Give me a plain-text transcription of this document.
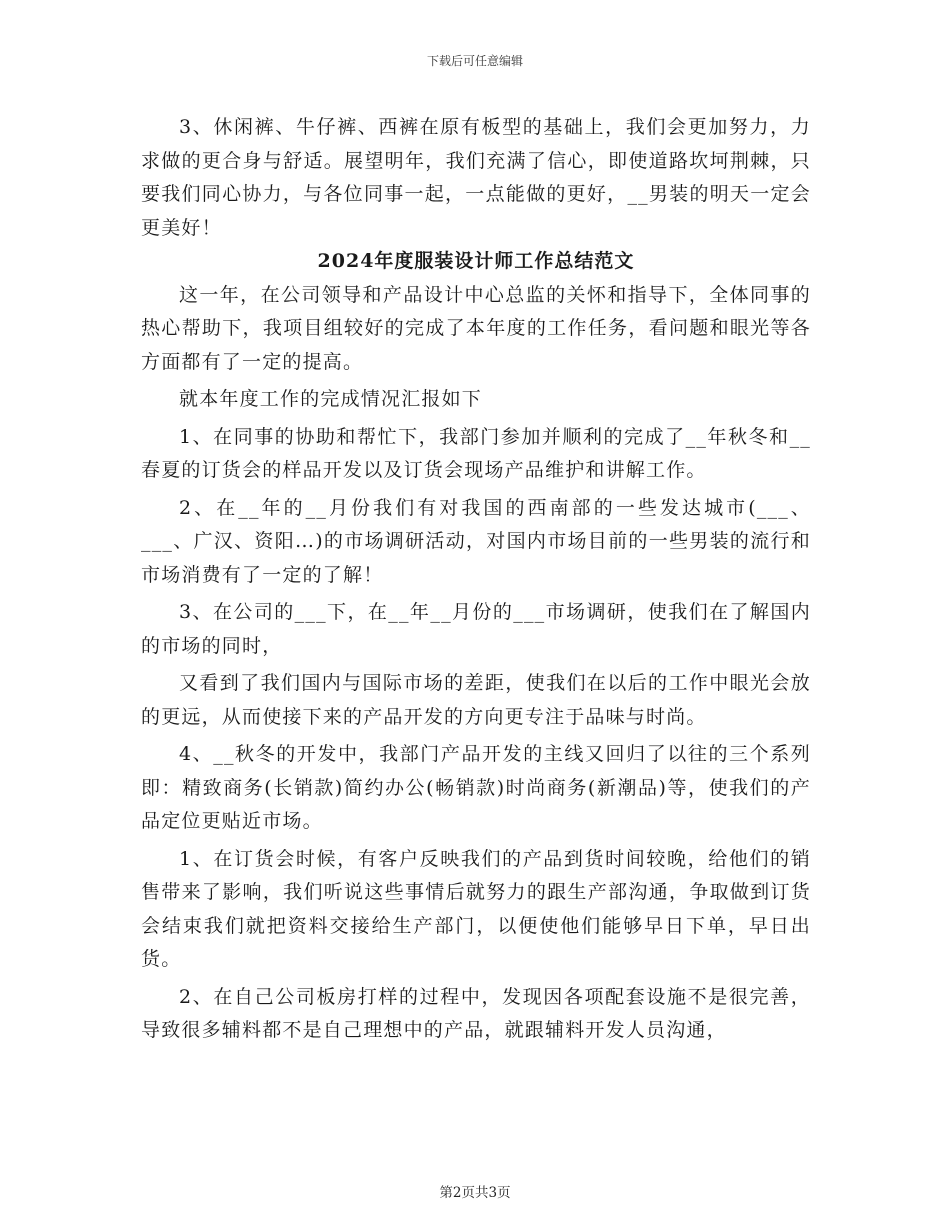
下载后可任意编辑

3、休闲裤、牛仔裤、西裤在原有板型的基础上，我们会更加努力，力求做的更合身与舒适。展望明年，我们充满了信心，即使道路坎坷荆棘，只要我们同心协力，与各位同事一起，一点能做的更好，__男装的明天一定会更美好！

2024年度服装设计师工作总结范文

这一年，在公司领导和产品设计中心总监的关怀和指导下，全体同事的热心帮助下，我项目组较好的完成了本年度的工作任务，看问题和眼光等各方面都有了一定的提高。

就本年度工作的完成情况汇报如下

1、在同事的协助和帮忙下，我部门参加并顺利的完成了__年秋冬和__春夏的订货会的样品开发以及订货会现场产品维护和讲解工作。

2、在__年的__月份我们有对我国的西南部的一些发达城市(___、___、广汉、资阳…)的市场调研活动，对国内市场目前的一些男装的流行和市场消费有了一定的了解！

3、在公司的___下，在__年__月份的___市场调研，使我们在了解国内的市场的同时，

又看到了我们国内与国际市场的差距，使我们在以后的工作中眼光会放的更远，从而使接下来的产品开发的方向更专注于品味与时尚。

4、__秋冬的开发中，我部门产品开发的主线又回归了以往的三个系列即：精致商务(长销款)简约办公(畅销款)时尚商务(新潮品)等，使我们的产品定位更贴近市场。

1、在订货会时候，有客户反映我们的产品到货时间较晚，给他们的销售带来了影响，我们听说这些事情后就努力的跟生产部沟通，争取做到订货会结束我们就把资料交接给生产部门，以便使他们能够早日下单，早日出货。

2、在自己公司板房打样的过程中，发现因各项配套设施不是很完善，导致很多辅料都不是自己理想中的产品，就跟辅料开发人员沟通，

第2页共3页
